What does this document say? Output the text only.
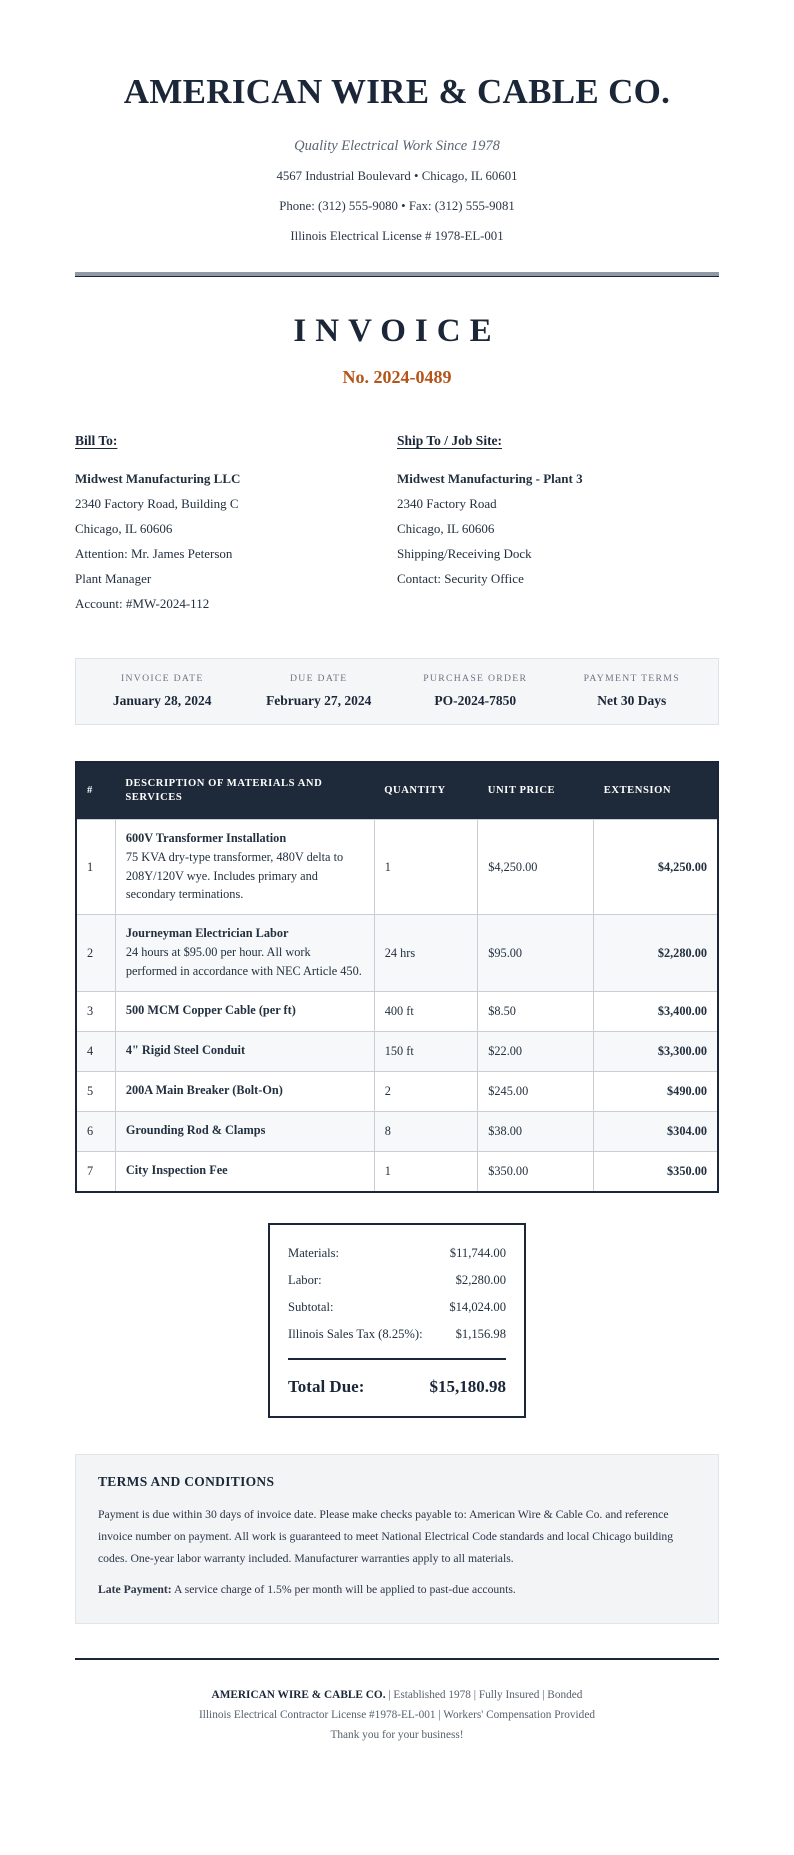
AMERICAN WIRE & CABLE CO.
Quality Electrical Work Since 1978
4567 Industrial Boulevard • Chicago, IL 60601
Phone: (312) 555-9080 • Fax: (312) 555-9081
Illinois Electrical License # 1978-EL-001
INVOICE
No. 2024-0489
Bill To:
Midwest Manufacturing LLC
2340 Factory Road, Building C
Chicago, IL 60606
Attention: Mr. James Peterson
Plant Manager
Account: #MW-2024-112
Ship To / Job Site:
Midwest Manufacturing - Plant 3
2340 Factory Road
Chicago, IL 60606
Shipping/Receiving Dock
Contact: Security Office
INVOICE DATE
January 28, 2024
DUE DATE
February 27, 2024
PURCHASE ORDER
PO-2024-7850
PAYMENT TERMS
Net 30 Days
#	DESCRIPTION OF MATERIALS AND SERVICES	QUANTITY	UNIT PRICE	EXTENSION
1	600V Transformer Installation
75 KVA dry-type transformer, 480V delta to 208Y/120V wye. Includes primary and secondary terminations.	1	$4,250.00	$4,250.00
2	Journeyman Electrician Labor
24 hours at $95.00 per hour. All work performed in accordance with NEC Article 450.	24 hrs	$95.00	$2,280.00
3	500 MCM Copper Cable (per ft)	400 ft	$8.50	$3,400.00
4	4" Rigid Steel Conduit	150 ft	$22.00	$3,300.00
5	200A Main Breaker (Bolt-On)	2	$245.00	$490.00
6	Grounding Rod & Clamps	8	$38.00	$304.00
7	City Inspection Fee	1	$350.00	$350.00
Materials:	$11,744.00
Labor:	$2,280.00
Subtotal:	$14,024.00
Illinois Sales Tax (8.25%):	$1,156.98
Total Due:	$15,180.98
TERMS AND CONDITIONS
Payment is due within 30 days of invoice date. Please make checks payable to: American Wire & Cable Co. and reference invoice number on payment. All work is guaranteed to meet National Electrical Code standards and local Chicago building codes. One-year labor warranty included. Manufacturer warranties apply to all materials.
Late Payment: A service charge of 1.5% per month will be applied to past-due accounts.
AMERICAN WIRE & CABLE CO. | Established 1978 | Fully Insured | Bonded
Illinois Electrical Contractor License #1978-EL-001 | Workers' Compensation Provided
Thank you for your business!
